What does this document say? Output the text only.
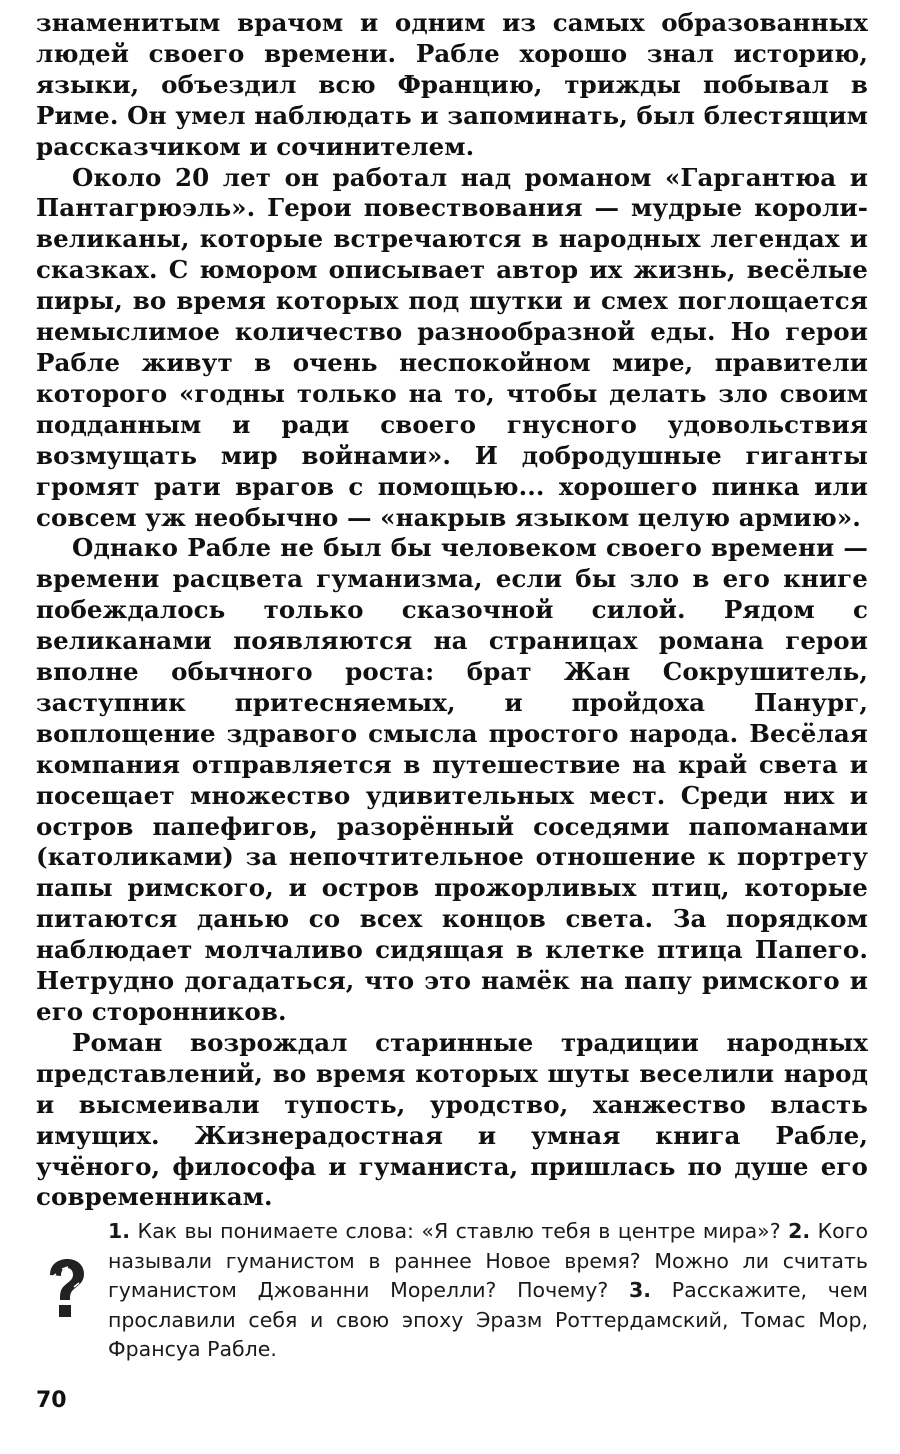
знаменитым врачом и одним из самых образованных людей своего времени. Рабле хорошо знал историю, языки, объездил всю Францию, трижды побывал в Риме. Он умел наблюдать и запоминать, был блестящим рассказчиком и сочинителем.

Около 20 лет он работал над романом «Гаргантюа и Пантагрюэль». Герои повествования — мудрые короли-великаны, которые встречаются в народных легендах и сказках. С юмором описывает автор их жизнь, весёлые пиры, во время которых под шутки и смех поглощается немыслимое количество разнообразной еды. Но герои Рабле живут в очень неспокойном мире, правители которого «годны только на то, чтобы делать зло своим подданным и ради своего гнусного удовольствия возмущать мир войнами». И добродушные гиганты громят рати врагов с помощью... хорошего пинка или совсем уж необычно — «накрыв языком целую армию».

Однако Рабле не был бы человеком своего времени — времени расцвета гуманизма, если бы зло в его книге побеждалось только сказочной силой. Рядом с великанами появляются на страницах романа герои вполне обычного роста: брат Жан Сокрушитель, заступник притесняемых, и пройдоха Панург, воплощение здравого смысла простого народа. Весёлая компания отправляется в путешествие на край света и посещает множество удивительных мест. Среди них и остров папефигов, разорённый соседями папоманами (католиками) за непочтительное отношение к портрету папы римского, и остров прожорливых птиц, которые питаются данью со всех концов света. За порядком наблюдает молчаливо сидящая в клетке птица Папего. Нетрудно догадаться, что это намёк на папу римского и его сторонников.

Роман возрождал старинные традиции народных представлений, во время которых шуты веселили народ и высмеивали тупость, уродство, ханжество власть имущих. Жизнерадостная и умная книга Рабле, учёного, философа и гуманиста, пришлась по душе его современникам.

1. Как вы понимаете слова: «Я ставлю тебя в центре мира»? 2. Кого называли гуманистом в раннее Новое время? Можно ли считать гуманистом Джованни Морелли? Почему? 3. Расскажите, чем прославили себя и свою эпоху Эразм Роттердамский, Томас Мор, Франсуа Рабле.
70
